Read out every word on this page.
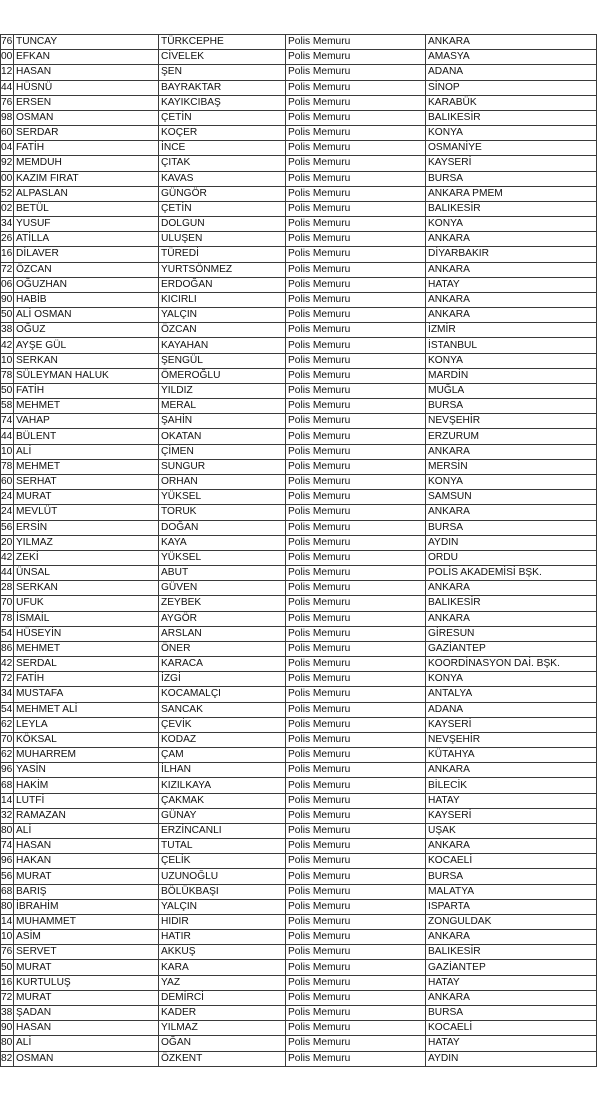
76	TUNCAY	TÜRKCEPHE	Polis Memuru	ANKARA
00	EFKAN	CİVELEK	Polis Memuru	AMASYA
12	HASAN	ŞEN	Polis Memuru	ADANA
44	HÜSNÜ	BAYRAKTAR	Polis Memuru	SİNOP
76	ERSEN	KAYIKCIBAŞ	Polis Memuru	KARABÜK
98	OSMAN	ÇETİN	Polis Memuru	BALIKESİR
60	SERDAR	KOÇER	Polis Memuru	KONYA
04	FATİH	İNCE	Polis Memuru	OSMANİYE
92	MEMDUH	ÇITAK	Polis Memuru	KAYSERİ
00	KAZIM FIRAT	KAVAS	Polis Memuru	BURSA
52	ALPASLAN	GÜNGÖR	Polis Memuru	ANKARA PMEM
02	BETÜL	ÇETİN	Polis Memuru	BALIKESİR
34	YUSUF	DOLGUN	Polis Memuru	KONYA
26	ATİLLA	ULUŞEN	Polis Memuru	ANKARA
16	DİLAVER	TÜREDİ	Polis Memuru	DİYARBAKIR
72	ÖZCAN	YURTSÖNMEZ	Polis Memuru	ANKARA
06	OĞUZHAN	ERDOĞAN	Polis Memuru	HATAY
90	HABİB	KICIRLI	Polis Memuru	ANKARA
50	ALİ OSMAN	YALÇIN	Polis Memuru	ANKARA
38	OĞUZ	ÖZCAN	Polis Memuru	İZMİR
42	AYŞE GÜL	KAYAHAN	Polis Memuru	İSTANBUL
10	SERKAN	ŞENGÜL	Polis Memuru	KONYA
78	SÜLEYMAN HALUK	ÖMEROĞLU	Polis Memuru	MARDİN
50	FATİH	YILDIZ	Polis Memuru	MUĞLA
58	MEHMET	MERAL	Polis Memuru	BURSA
74	VAHAP	ŞAHİN	Polis Memuru	NEVŞEHİR
44	BÜLENT	OKATAN	Polis Memuru	ERZURUM
10	ALİ	ÇİMEN	Polis Memuru	ANKARA
78	MEHMET	SUNGUR	Polis Memuru	MERSİN
60	SERHAT	ORHAN	Polis Memuru	KONYA
24	MURAT	YÜKSEL	Polis Memuru	SAMSUN
24	MEVLÜT	TORUK	Polis Memuru	ANKARA
56	ERSİN	DOĞAN	Polis Memuru	BURSA
20	YILMAZ	KAYA	Polis Memuru	AYDIN
42	ZEKİ	YÜKSEL	Polis Memuru	ORDU
44	ÜNSAL	ABUT	Polis Memuru	POLİS AKADEMİSİ BŞK.
28	SERKAN	GÜVEN	Polis Memuru	ANKARA
70	UFUK	ZEYBEK	Polis Memuru	BALIKESİR
78	İSMAİL	AYGÖR	Polis Memuru	ANKARA
54	HÜSEYİN	ARSLAN	Polis Memuru	GİRESUN
86	MEHMET	ÖNER	Polis Memuru	GAZİANTEP
42	SERDAL	KARACA	Polis Memuru	KOORDİNASYON DAİ. BŞK.
72	FATİH	İZGİ	Polis Memuru	KONYA
34	MUSTAFA	KOCAMALÇI	Polis Memuru	ANTALYA
54	MEHMET ALİ	SANCAK	Polis Memuru	ADANA
62	LEYLA	ÇEVİK	Polis Memuru	KAYSERİ
70	KÖKSAL	KODAZ	Polis Memuru	NEVŞEHİR
62	MUHARREM	ÇAM	Polis Memuru	KÜTAHYA
96	YASİN	İLHAN	Polis Memuru	ANKARA
68	HAKİM	KIZILKAYA	Polis Memuru	BİLECİK
14	LUTFİ	ÇAKMAK	Polis Memuru	HATAY
32	RAMAZAN	GÜNAY	Polis Memuru	KAYSERİ
80	ALİ	ERZİNCANLI	Polis Memuru	UŞAK
74	HASAN	TUTAL	Polis Memuru	ANKARA
96	HAKAN	ÇELİK	Polis Memuru	KOCAELİ
56	MURAT	UZUNOĞLU	Polis Memuru	BURSA
68	BARIŞ	BÖLÜKBAŞI	Polis Memuru	MALATYA
80	İBRAHİM	YALÇIN	Polis Memuru	ISPARTA
14	MUHAMMET	HIDIR	Polis Memuru	ZONGULDAK
10	ASİM	HATIR	Polis Memuru	ANKARA
76	SERVET	AKKUŞ	Polis Memuru	BALIKESİR
50	MURAT	KARA	Polis Memuru	GAZİANTEP
16	KURTULUŞ	YAZ	Polis Memuru	HATAY
72	MURAT	DEMİRCİ	Polis Memuru	ANKARA
38	ŞADAN	KADER	Polis Memuru	BURSA
90	HASAN	YILMAZ	Polis Memuru	KOCAELİ
80	ALİ	OĞAN	Polis Memuru	HATAY
82	OSMAN	ÖZKENT	Polis Memuru	AYDIN
